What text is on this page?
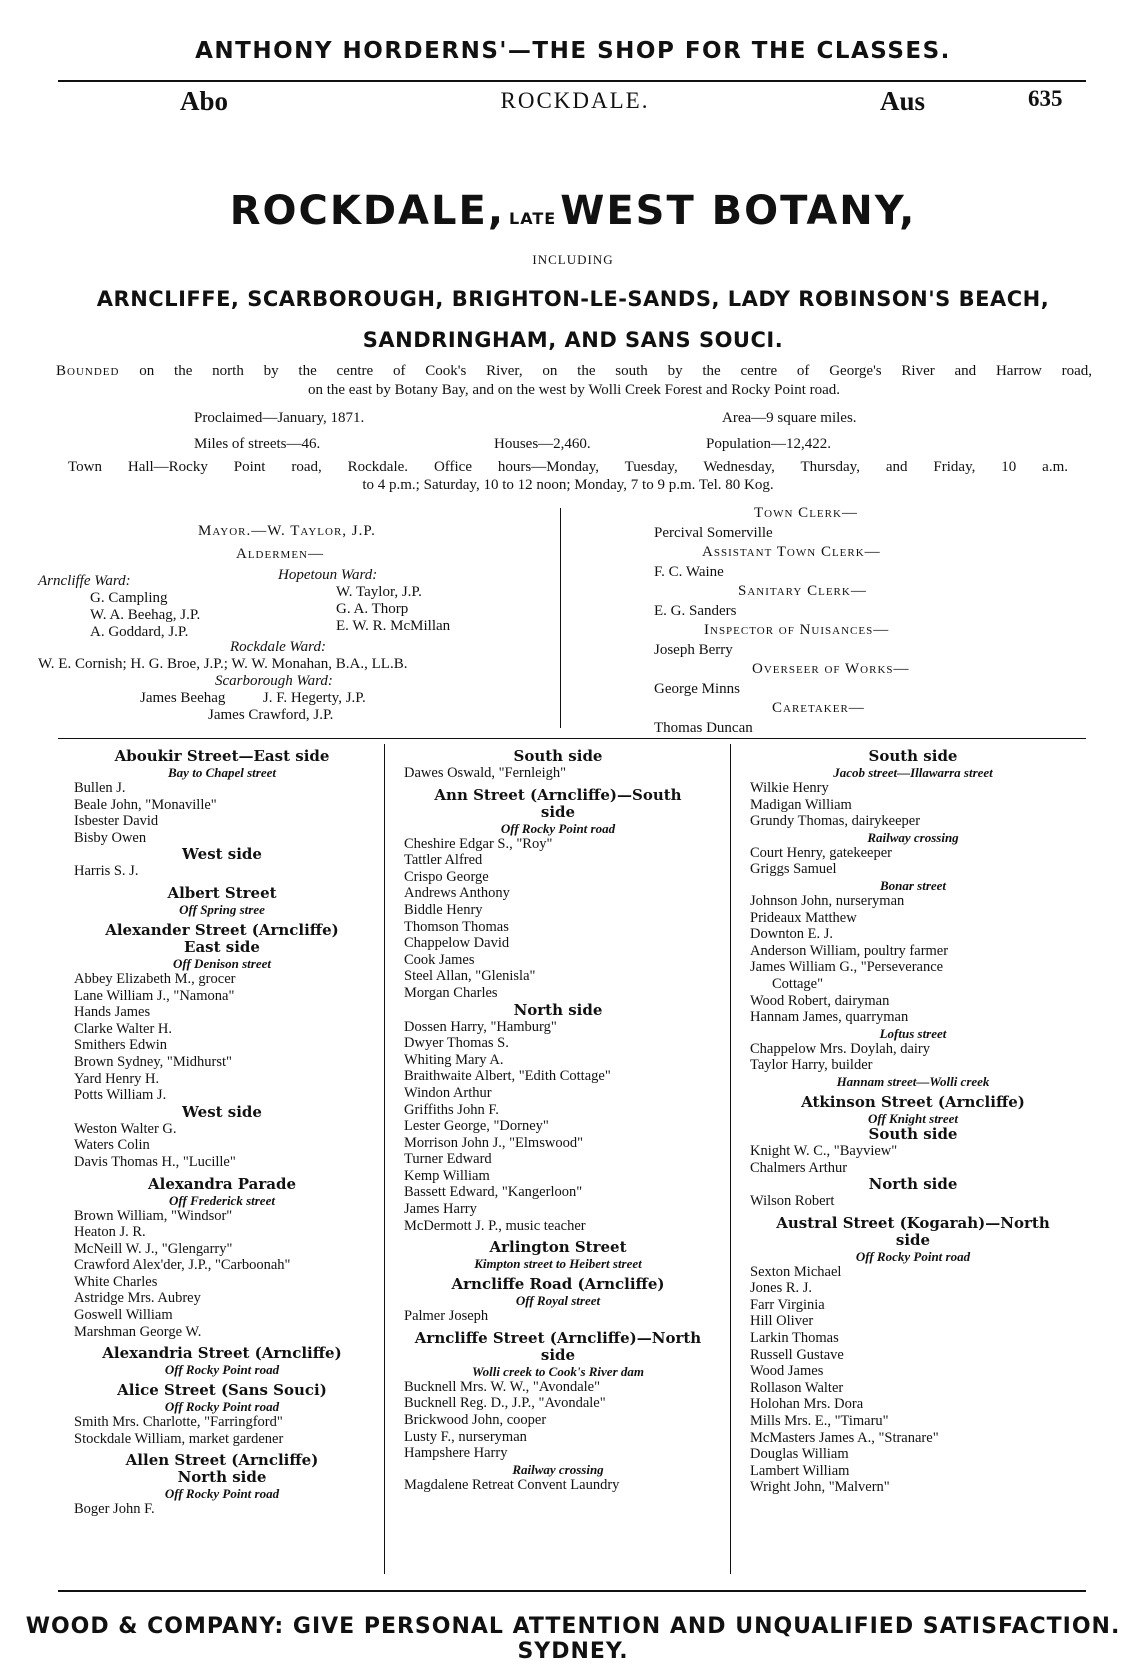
ANTHONY HORDERNS'—THE SHOP FOR THE CLASSES.
Abo	ROCKDALE.	Aus	635
ROCKDALE, LATE WEST BOTANY,
INCLUDING
ARNCLIFFE, SCARBOROUGH, BRIGHTON-LE-SANDS, LADY ROBINSON'S BEACH,
SANDRINGHAM, AND SANS SOUCI.
Bounded on the north by the centre of Cook's River, on the south by the centre of George's River and Harrow road,
on the east by Botany Bay, and on the west by Wolli Creek Forest and Rocky Point road.
Proclaimed—January, 1871.	Area—9 square miles.
Miles of streets—46.	Houses—2,460.	Population—12,422.
Town Hall—Rocky Point road, Rockdale. Office hours—Monday, Tuesday, Wednesday, Thursday, and Friday, 10 a.m.
to 4 p.m.; Saturday, 10 to 12 noon; Monday, 7 to 9 p.m. Tel. 80 Kog.
Mayor.—W. Taylor, J.P.
Aldermen—
Arncliffe Ward:	Hopetoun Ward:
G. Campling
W. A. Beehag, J.P.
A. Goddard, J.P.
W. Taylor, J.P.
G. A. Thorp
E. W. R. McMillan
Rockdale Ward:
W. E. Cornish; H. G. Broe, J.P.; W. W. Monahan, B.A., LL.B.
Scarborough Ward:
James Beehag          J. F. Hegerty, J.P.
James Crawford, J.P.
Town Clerk—
Percival Somerville
Assistant Town Clerk—
F. C. Waine
Sanitary Clerk—
E. G. Sanders
Inspector of Nuisances—
Joseph Berry
Overseer of Works—
George Minns
Caretaker—
Thomas Duncan
Aboukir Street—East side
Bay to Chapel street
Bullen J.
Beale John, "Monaville"
Isbester David
Bisby Owen
West side
Harris S. J.
Albert Street
Off Spring stree
Alexander Street (Arncliffe)
East side
Off Denison street
Abbey Elizabeth M., grocer
Lane William J., "Namona"
Hands James
Clarke Walter H.
Smithers Edwin
Brown Sydney, "Midhurst"
Yard Henry H.
Potts William J.
West side
Weston Walter G.
Waters Colin
Davis Thomas H., "Lucille"
Alexandra Parade
Off Frederick street
Brown William, "Windsor"
Heaton J. R.
McNeill W. J., "Glengarry"
Crawford Alex'der, J.P., "Carboonah"
White Charles
Astridge Mrs. Aubrey
Goswell William
Marshman George W.
Alexandria Street (Arncliffe)
Off Rocky Point road
Alice Street (Sans Souci)
Off Rocky Point road
Smith Mrs. Charlotte, "Farringford"
Stockdale William, market gardener
Allen Street (Arncliffe)
North side
Off Rocky Point road
Boger John F.
South side
Dawes Oswald, "Fernleigh"
Ann Street (Arncliffe)—South
side
Off Rocky Point road
Cheshire Edgar S., "Roy"
Tattler Alfred
Crispo George
Andrews Anthony
Biddle Henry
Thomson Thomas
Chappelow David
Cook James
Steel Allan, "Glenisla"
Morgan Charles
North side
Dossen Harry, "Hamburg"
Dwyer Thomas S.
Whiting Mary A.
Braithwaite Albert, "Edith Cottage"
Windon Arthur
Griffiths John F.
Lester George, "Dorney"
Morrison John J., "Elmswood"
Turner Edward
Kemp William
Bassett Edward, "Kangerloon"
James Harry
McDermott J. P., music teacher
Arlington Street
Kimpton street to Heibert street
Arncliffe Road (Arncliffe)
Off Royal street
Palmer Joseph
Arncliffe Street (Arncliffe)—North
side
Wolli creek to Cook's River dam
Bucknell Mrs. W. W., "Avondale"
Bucknell Reg. D., J.P., "Avondale"
Brickwood John, cooper
Lusty F., nurseryman
Hampshere Harry
Railway crossing
Magdalene Retreat Convent Laundry
South side
Jacob street—Illawarra street
Wilkie Henry
Madigan William
Grundy Thomas, dairykeeper
Railway crossing
Court Henry, gatekeeper
Griggs Samuel
Bonar street
Johnson John, nurseryman
Prideaux Matthew
Downton E. J.
Anderson William, poultry farmer
James William G., "Perseverance
Cottage"
Wood Robert, dairyman
Hannam James, quarryman
Loftus street
Chappelow Mrs. Doylah, dairy
Taylor Harry, builder
Hannam street—Wolli creek
Atkinson Street (Arncliffe)
Off Knight street
South side
Knight W. C., "Bayview"
Chalmers Arthur
North side
Wilson Robert
Austral Street (Kogarah)—North
side
Off Rocky Point road
Sexton Michael
Jones R. J.
Farr Virginia
Hill Oliver
Larkin Thomas
Russell Gustave
Wood James
Rollason Walter
Holohan Mrs. Dora
Mills Mrs. E., "Timaru"
McMasters James A., "Stranare"
Douglas William
Lambert William
Wright John, "Malvern"
WOOD & COMPANY: GIVE PERSONAL ATTENTION AND UNQUALIFIED SATISFACTION. SYDNEY.
